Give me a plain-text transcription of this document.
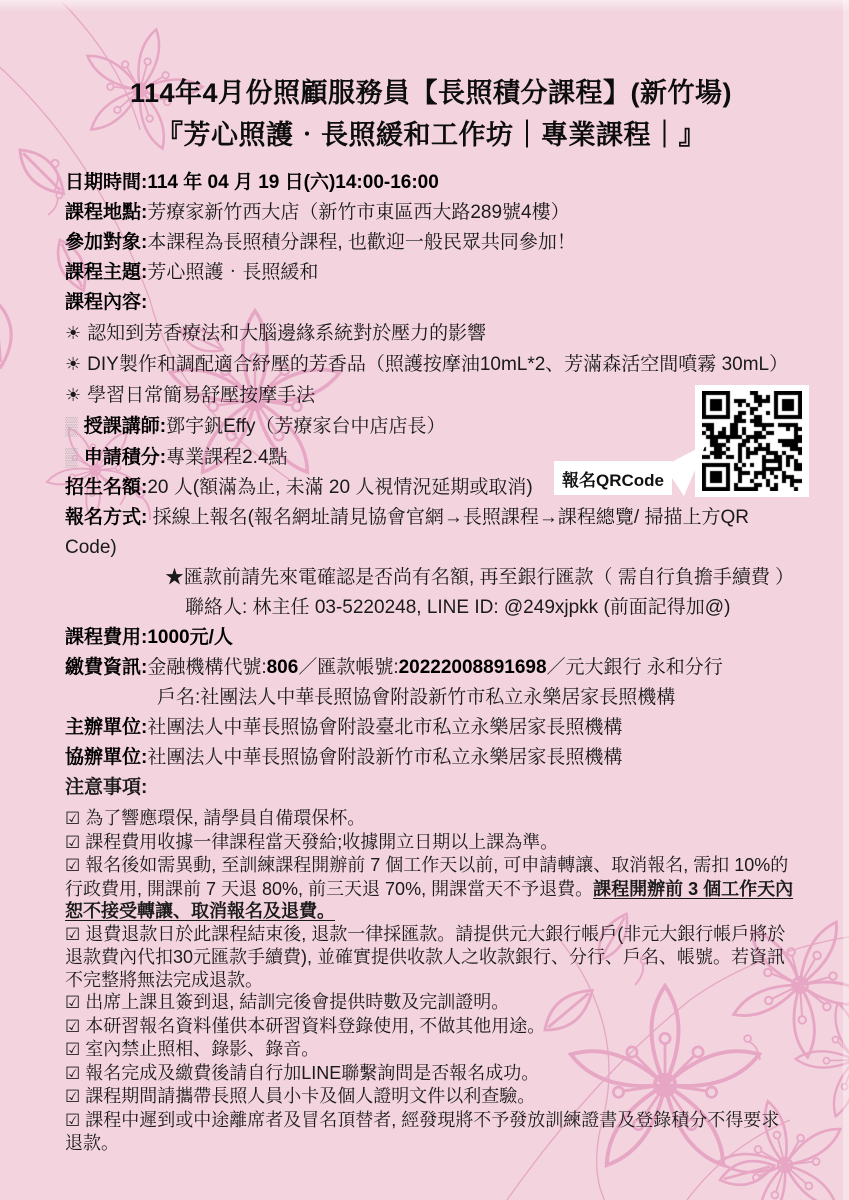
報名QRCode
114年4月份照顧服務員【長照積分課程】(新竹場)
『芳心照護‧長照緩和工作坊｜專業課程｜』
日期時間:114 年 04 月 19 日(六)14:00-16:00
課程地點:芳療家新竹西大店（新竹市東區西大路289號4樓）
參加對象:本課程為長照積分課程, 也歡迎一般民眾共同參加！
課程主題:芳心照護‧長照緩和
課程內容:
☀ 認知到芳香療法和大腦邊緣系統對於壓力的影響
☀ DIY製作和調配適合紓壓的芳香品（照護按摩油10mL*2、芳滿森活空間噴霧 30mL）
☀ 學習日常簡易舒壓按摩手法
▒ 授課講師:鄧宇釩Effy（芳療家台中店店長）
▒ 申請積分:專業課程2.4點
招生名額:20 人(額滿為止, 未滿 20 人視情況延期或取消)
報名方式: 採線上報名(報名網址請見協會官網→長照課程→課程總覽/ 掃描上方QR Code)
★匯款前請先來電確認是否尚有名額, 再至銀行匯款（ 需自行負擔手續費 ）
聯絡人: 林主任 03-5220248, LINE ID: @249xjpkk (前面記得加@)
課程費用:1000元/人
繳費資訊:金融機構代號:806／匯款帳號:20222008891698／元大銀行 永和分行
戶名:社團法人中華長照協會附設新竹市私立永樂居家長照機構
主辦單位:社團法人中華長照協會附設臺北市私立永樂居家長照機構
協辦單位:社團法人中華長照協會附設新竹市私立永樂居家長照機構
注意事項:

☑ 為了響應環保, 請學員自備環保杯。

☑ 課程費用收據一律課程當天發給;收據開立日期以上課為準。

☑ 報名後如需異動, 至訓練課程開辦前 7 個工作天以前, 可申請轉讓、取消報名, 需扣 10%的行政費用, 開課前 7 天退 80%, 前三天退 70%, 開課當天不予退費。課程開辦前 3 個工作天內恕不接受轉讓、取消報名及退費。

☑ 退費退款日於此課程結束後, 退款一律採匯款。請提供元大銀行帳戶(非元大銀行帳戶將於退款費內代扣30元匯款手續費), 並確實提供收款人之收款銀行、分行、戶名、帳號。若資訊不完整將無法完成退款。

☑ 出席上課且簽到退, 結訓完後會提供時數及完訓證明。

☑ 本研習報名資料僅供本研習資料登錄使用, 不做其他用途。

☑ 室內禁止照相、錄影、錄音。

☑ 報名完成及繳費後請自行加LINE聯繫詢問是否報名成功。

☑ 課程期間請攜帶長照人員小卡及個人證明文件以利查驗。

☑ 課程中遲到或中途離席者及冒名頂替者, 經發現將不予發放訓練證書及登錄積分不得要求退款。
